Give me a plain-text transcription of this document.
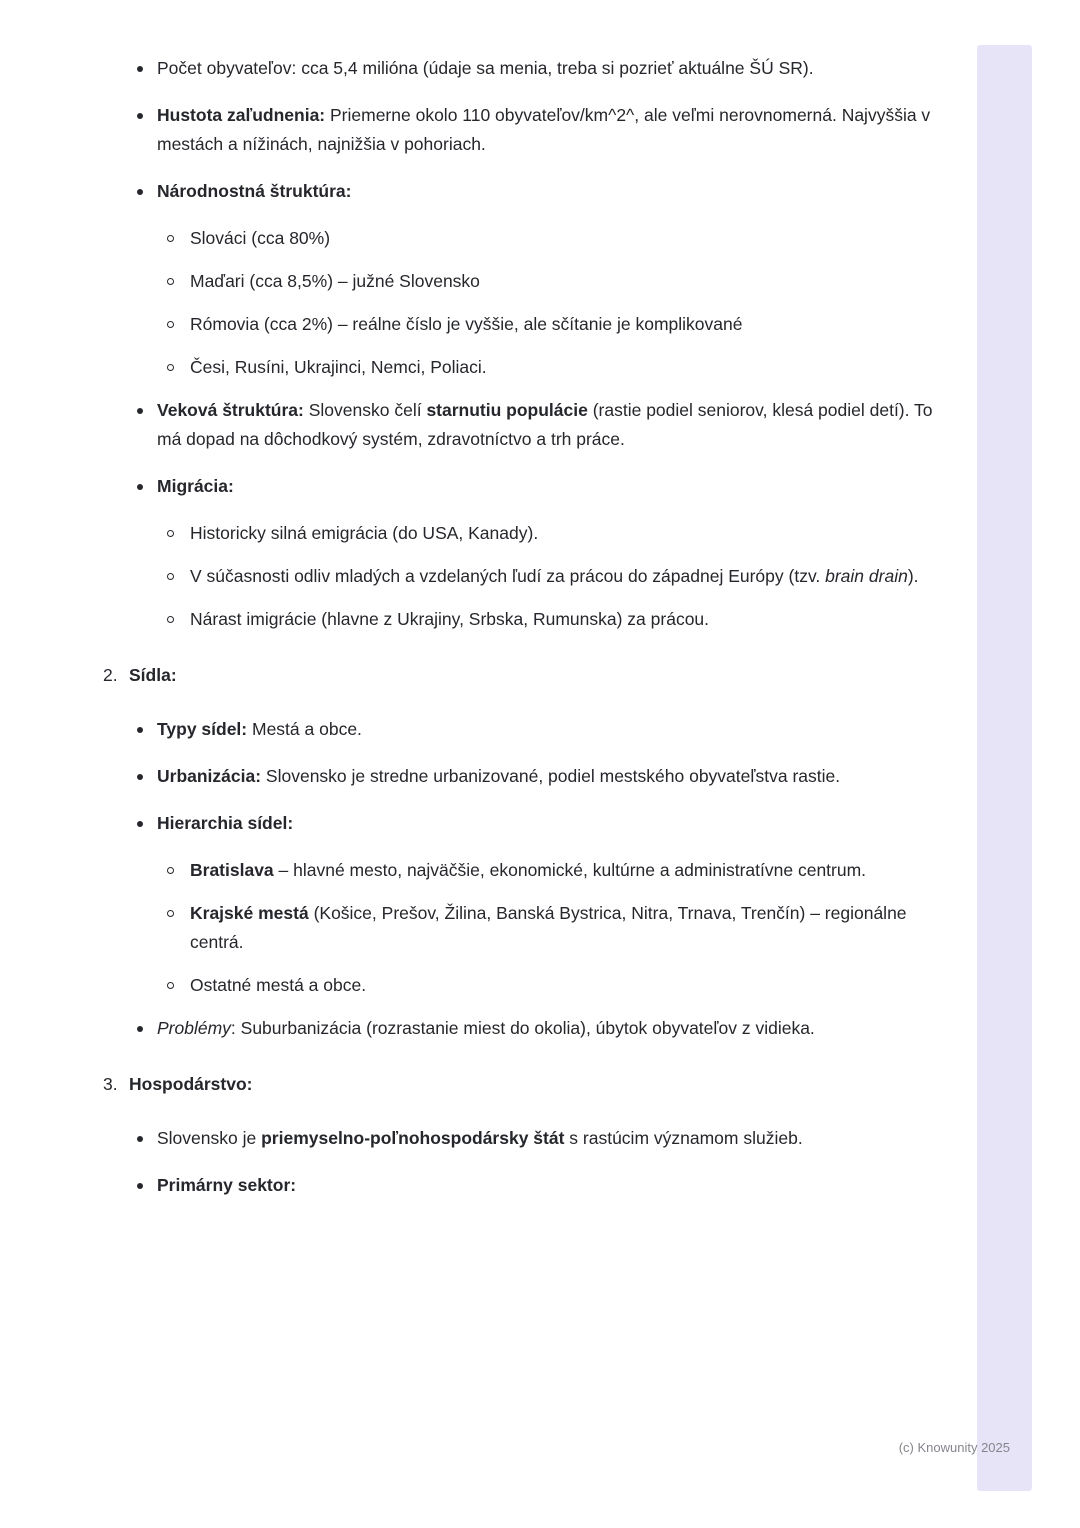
Počet obyvateľov: cca 5,4 milióna (údaje sa menia, treba si pozrieť aktuálne ŠÚ SR).
Hustota zaľudnenia: Priemerne okolo 110 obyvateľov/km^2^, ale veľmi nerovnomerná. Najvyššia v mestách a nížinách, najnižšia v pohoriach.
Národnostná štruktúra:
Slováci (cca 80%)
Maďari (cca 8,5%) – južné Slovensko
Rómovia (cca 2%) – reálne číslo je vyššie, ale sčítanie je komplikované
Česi, Rusíni, Ukrajinci, Nemci, Poliaci.
Veková štruktúra: Slovensko čelí starnutiu populácie (rastie podiel seniorov, klesá podiel detí). To má dopad na dôchodkový systém, zdravotníctvo a trh práce.
Migrácia:
Historicky silná emigrácia (do USA, Kanady).
V súčasnosti odliv mladých a vzdelaných ľudí za prácou do západnej Európy (tzv. brain drain).
Nárast imigrácie (hlavne z Ukrajiny, Srbska, Rumunska) za prácou.
2. Sídla:
Typy sídel: Mestá a obce.
Urbanizácia: Slovensko je stredne urbanizované, podiel mestského obyvateľstva rastie.
Hierarchia sídel:
Bratislava – hlavné mesto, najväčšie, ekonomické, kultúrne a administratívne centrum.
Krajské mestá (Košice, Prešov, Žilina, Banská Bystrica, Nitra, Trnava, Trenčín) – regionálne centrá.
Ostatné mestá a obce.
Problémy: Suburbanizácia (rozrastanie miest do okolia), úbytok obyvateľov z vidieka.
3. Hospodárstvo:
Slovensko je priemyselno-poľnohospodársky štát s rastúcim významom služieb.
Primárny sektor:
(c) Knowunity 2025
